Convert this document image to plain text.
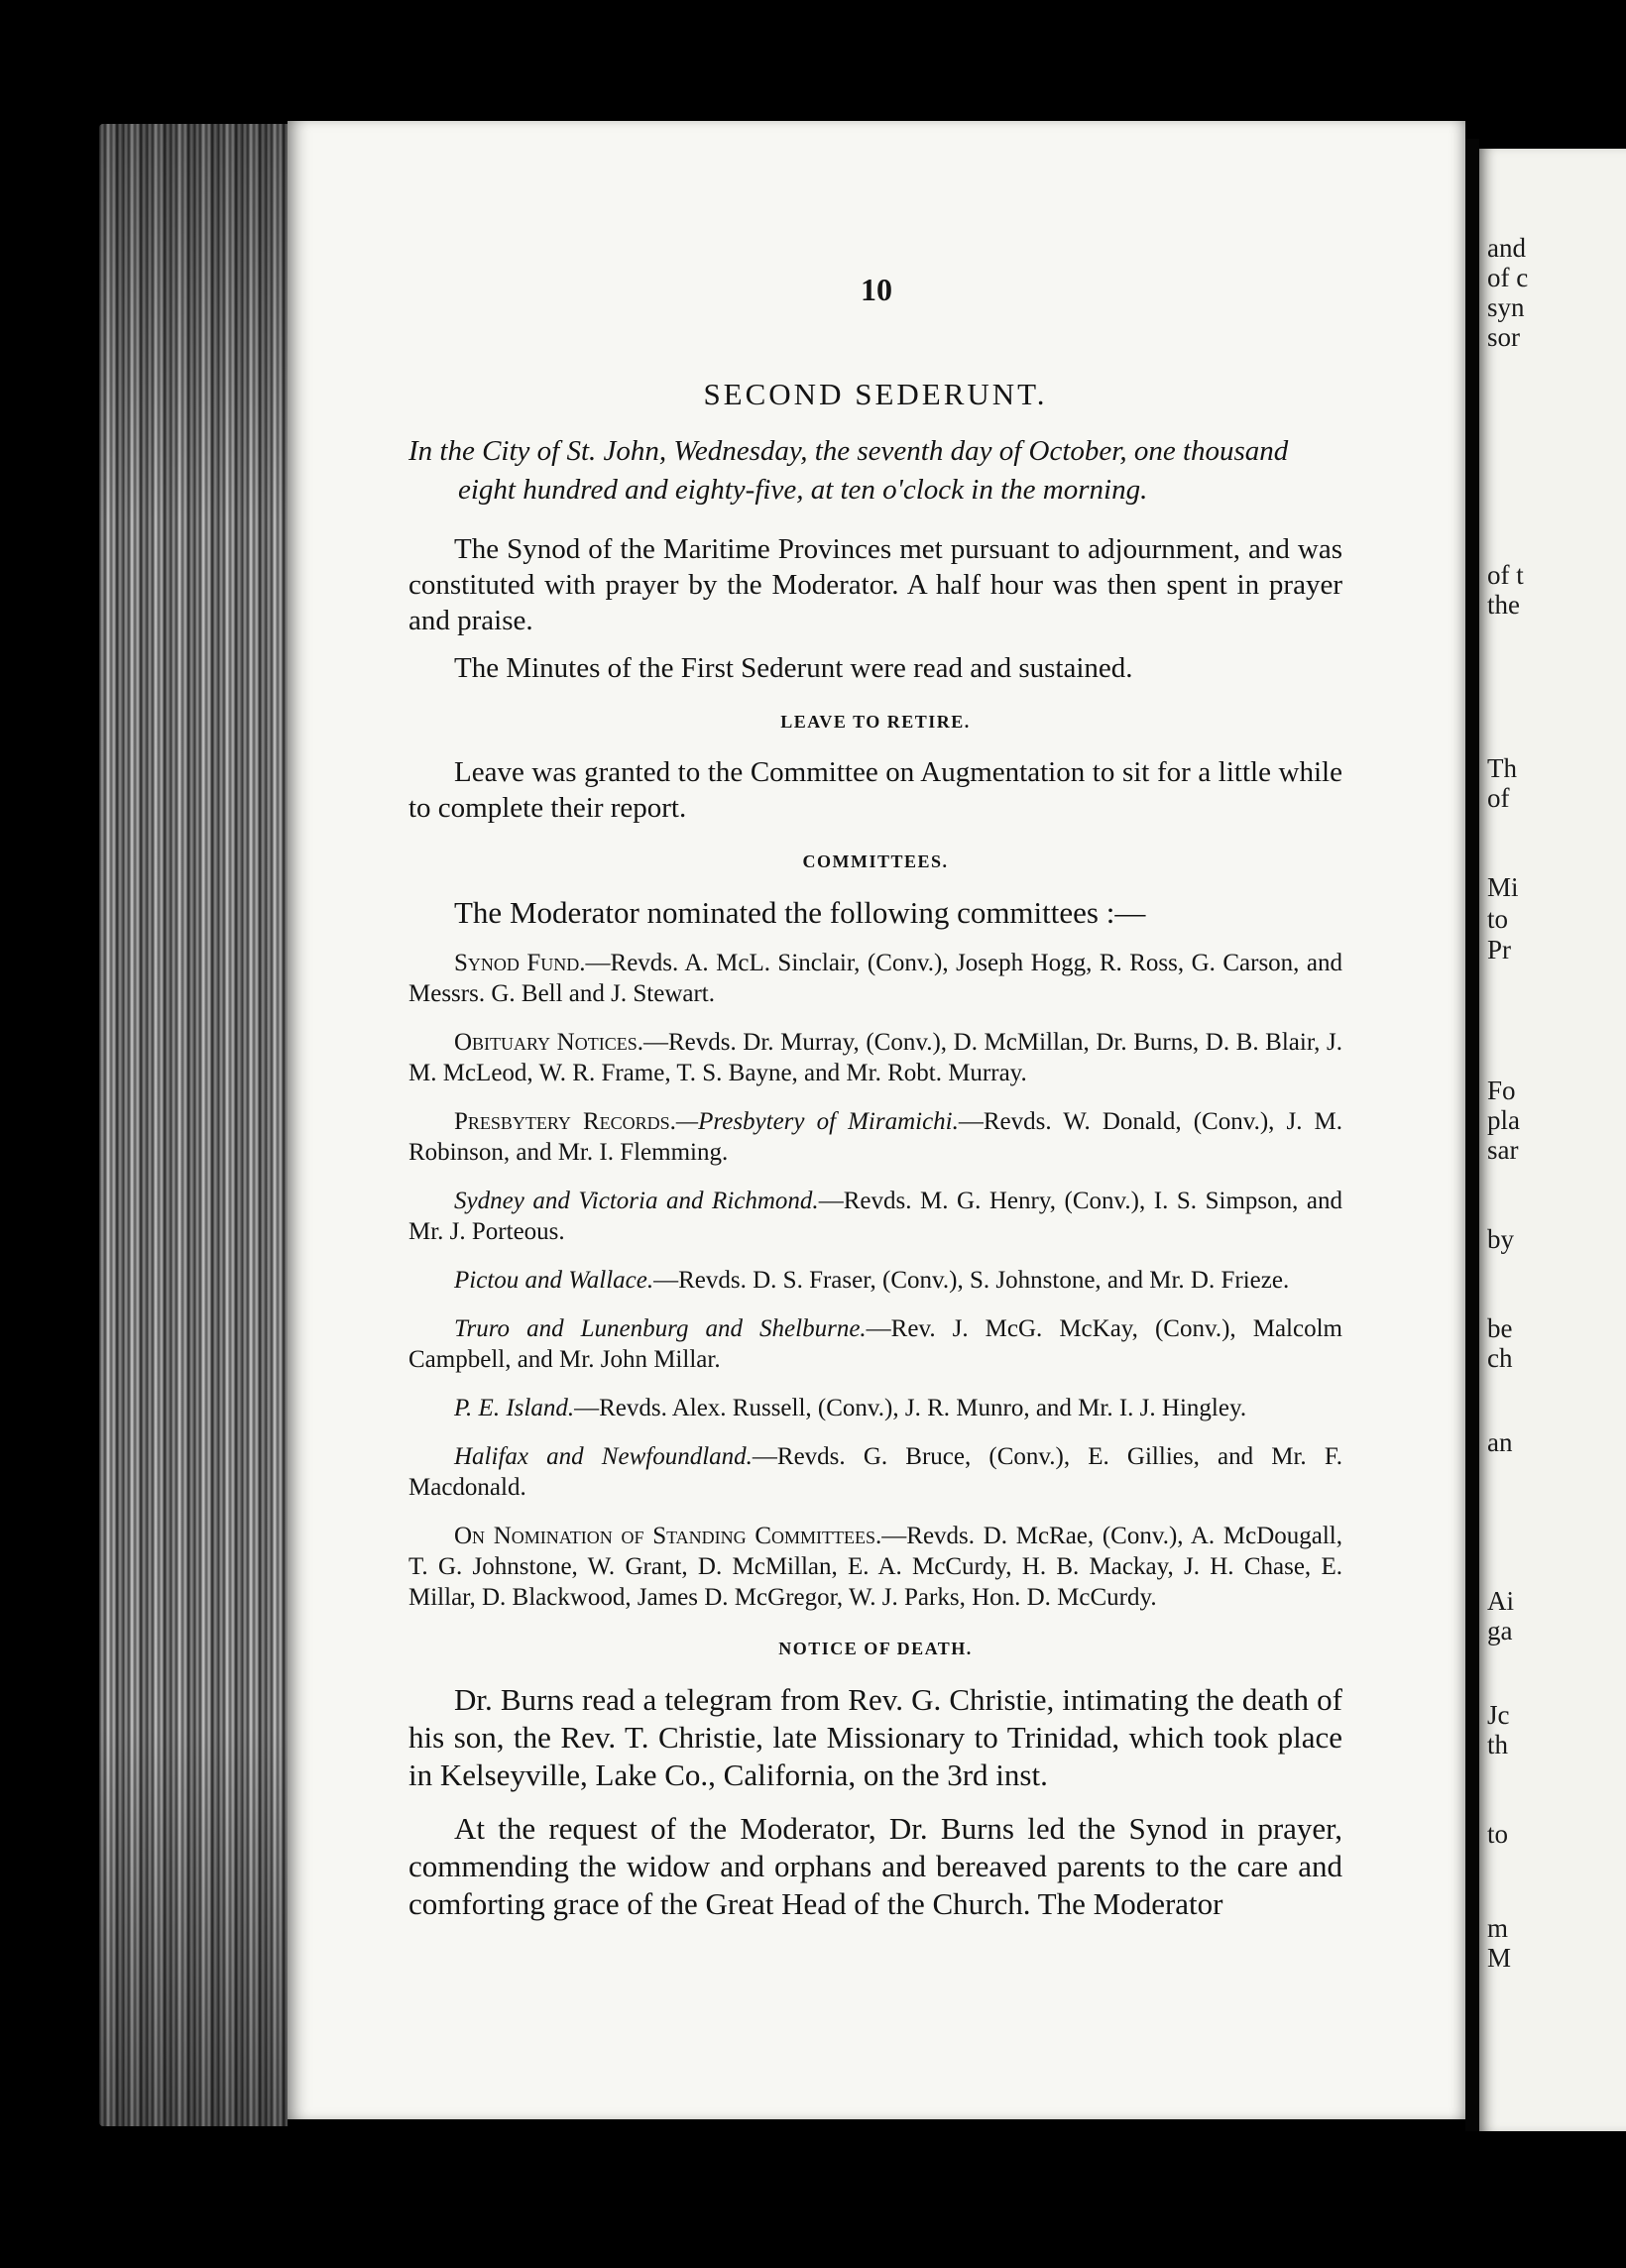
10
SECOND SEDERUNT.
In the City of St. John, Wednesday, the seventh day of October, one thousand eight hundred and eighty-five, at ten o'clock in the morning.

The Synod of the Maritime Provinces met pursuant to adjournment, and was constituted with prayer by the Moderator. A half hour was then spent in prayer and praise.

The Minutes of the First Sederunt were read and sustained.

LEAVE TO RETIRE.

Leave was granted to the Committee on Augmentation to sit for a little while to complete their report.

COMMITTEES.

The Moderator nominated the following committees :—

Synod Fund.—Revds. A. McL. Sinclair, (Conv.), Joseph Hogg, R. Ross, G. Carson, and Messrs. G. Bell and J. Stewart.

Obituary Notices.—Revds. Dr. Murray, (Conv.), D. McMillan, Dr. Burns, D. B. Blair, J. M. McLeod, W. R. Frame, T. S. Bayne, and Mr. Robt. Murray.

Presbytery Records.—Presbytery of Miramichi.—Revds. W. Donald, (Conv.), J. M. Robinson, and Mr. I. Flemming.

Sydney and Victoria and Richmond.—Revds. M. G. Henry, (Conv.), I. S. Simpson, and Mr. J. Porteous.

Pictou and Wallace.—Revds. D. S. Fraser, (Conv.), S. Johnstone, and Mr. D. Frieze.

Truro and Lunenburg and Shelburne.—Rev. J. McG. McKay, (Conv.), Malcolm Campbell, and Mr. John Millar.

P. E. Island.—Revds. Alex. Russell, (Conv.), J. R. Munro, and Mr. I. J. Hingley.

Halifax and Newfoundland.—Revds. G. Bruce, (Conv.), E. Gillies, and Mr. F. Macdonald.

On Nomination of Standing Committees.—Revds. D. McRae, (Conv.), A. McDougall, T. G. Johnstone, W. Grant, D. McMillan, E. A. McCurdy, H. B. Mackay, J. H. Chase, E. Millar, D. Blackwood, James D. McGregor, W. J. Parks, Hon. D. McCurdy.

NOTICE OF DEATH.

Dr. Burns read a telegram from Rev. G. Christie, intimating the death of his son, the Rev. T. Christie, late Missionary to Trinidad, which took place in Kelseyville, Lake Co., California, on the 3rd inst.

At the request of the Moderator, Dr. Burns led the Synod in prayer, commending the widow and orphans and bereaved parents to the care and comforting grace of the Great Head of the Church. The Moderator

and
of c
syn
sor
of t
the
Th
of
Mi
to
Pr
Fo
pla
sar
by
be
ch
an
Ai
ga
Jc
th
to
m
M
